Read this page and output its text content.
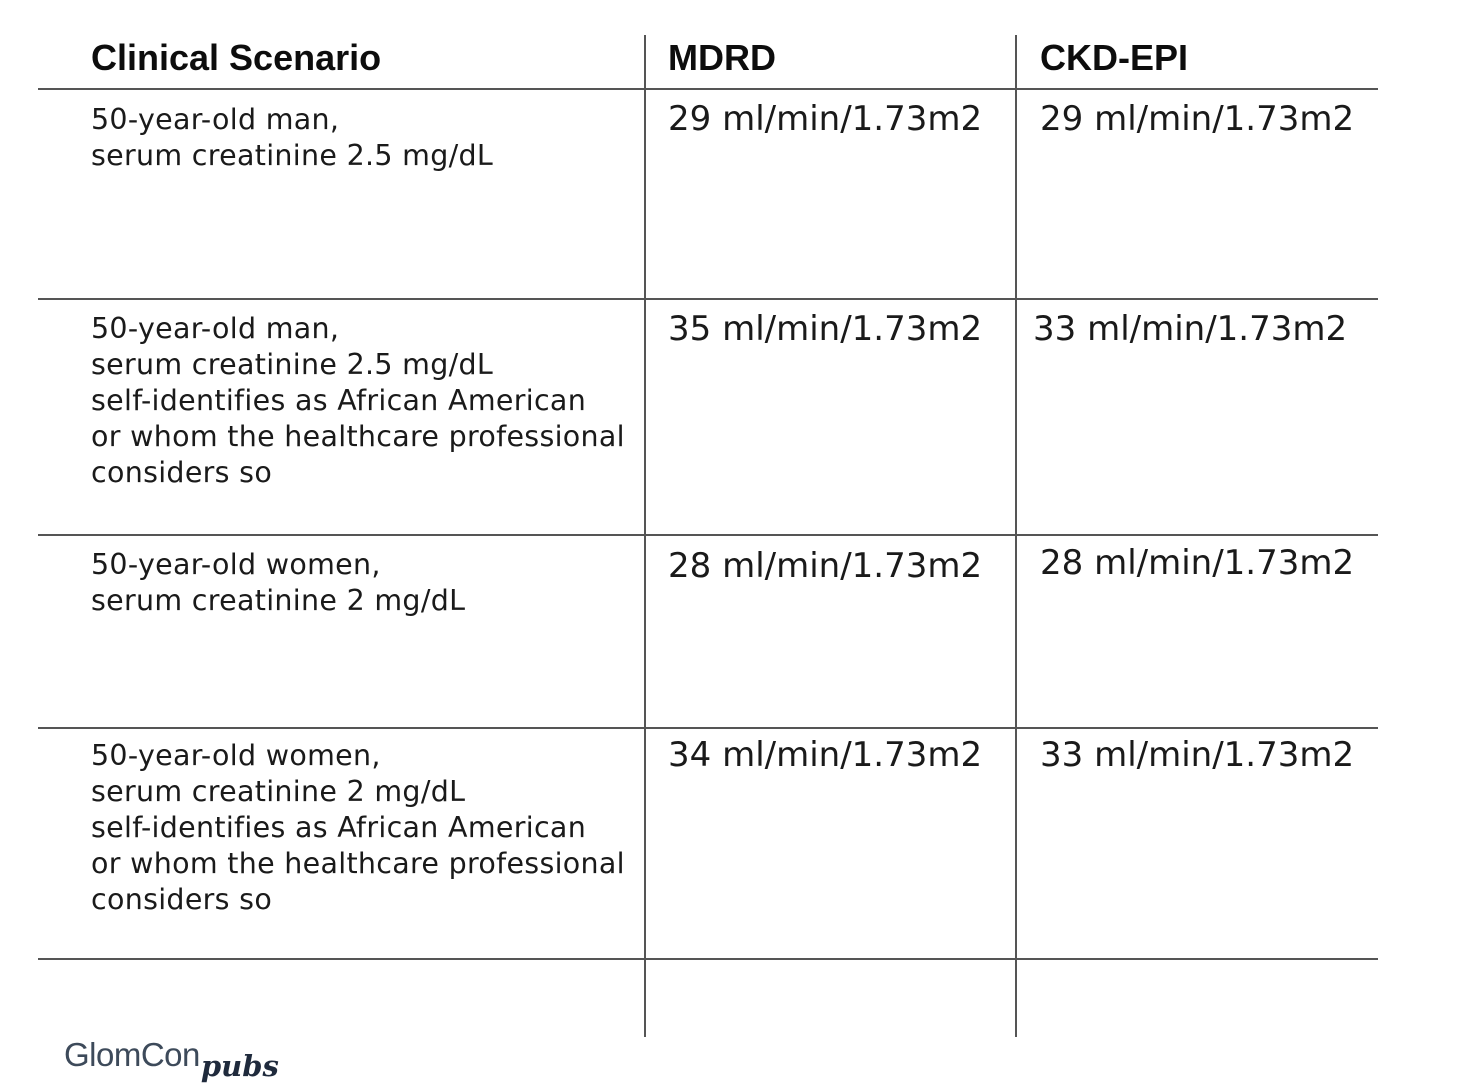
Clinical Scenario	MDRD	CKD-EPI
50-year-old man,
serum creatinine 2.5 mg/dL
29 ml/min/1.73m2 29 ml/min/1.73m2
50-year-old man,
serum creatinine 2.5 mg/dL
self-identifies as African American
or whom the healthcare professional
considers so
35 ml/min/1.73m2 33 ml/min/1.73m2
50-year-old women,
serum creatinine 2 mg/dL
28 ml/min/1.73m2 28 ml/min/1.73m2
50-year-old women,
serum creatinine 2 mg/dL
self-identifies as African American
or whom the healthcare professional
considers so
34 ml/min/1.73m2 33 ml/min/1.73m2
GlomConpubs
